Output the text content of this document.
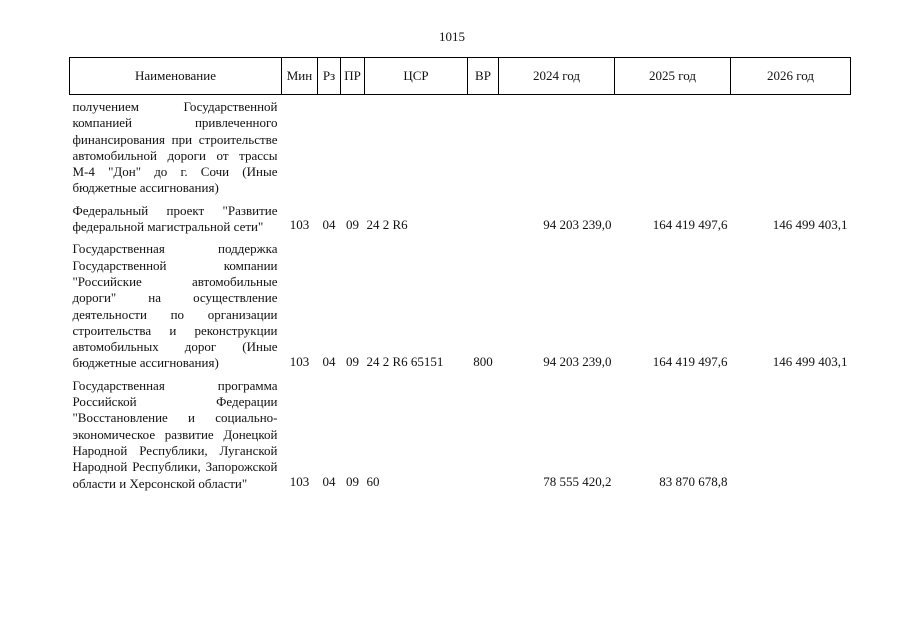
1015
Наименование	Мин	Рз	ПР	ЦСР	ВР	2024 год	2025 год	2026 год
получением Государственной компанией привлеченного финансирования при строительстве автомобильной дороги от трассы М-4 "Дон" до г. Сочи (Иные бюджетные ассигнования)								
Федеральный проект "Развитие федеральной магистральной сети"	103	04	09	24 2 R6		94 203 239,0	164 419 497,6	146 499 403,1
Государственная поддержка Государственной компании "Российские автомобильные дороги" на осуществление деятельности по организации строительства и реконструкции автомобильных дорог (Иные бюджетные ассигнования)	103	04	09	24 2 R6 65151	800	94 203 239,0	164 419 497,6	146 499 403,1
Государственная программа Российской Федерации "Восстановление и социально-экономическое развитие Донецкой Народной Республики, Луганской Народной Республики, Запорожской области и Херсонской области"	103	04	09	60		78 555 420,2	83 870 678,8	
